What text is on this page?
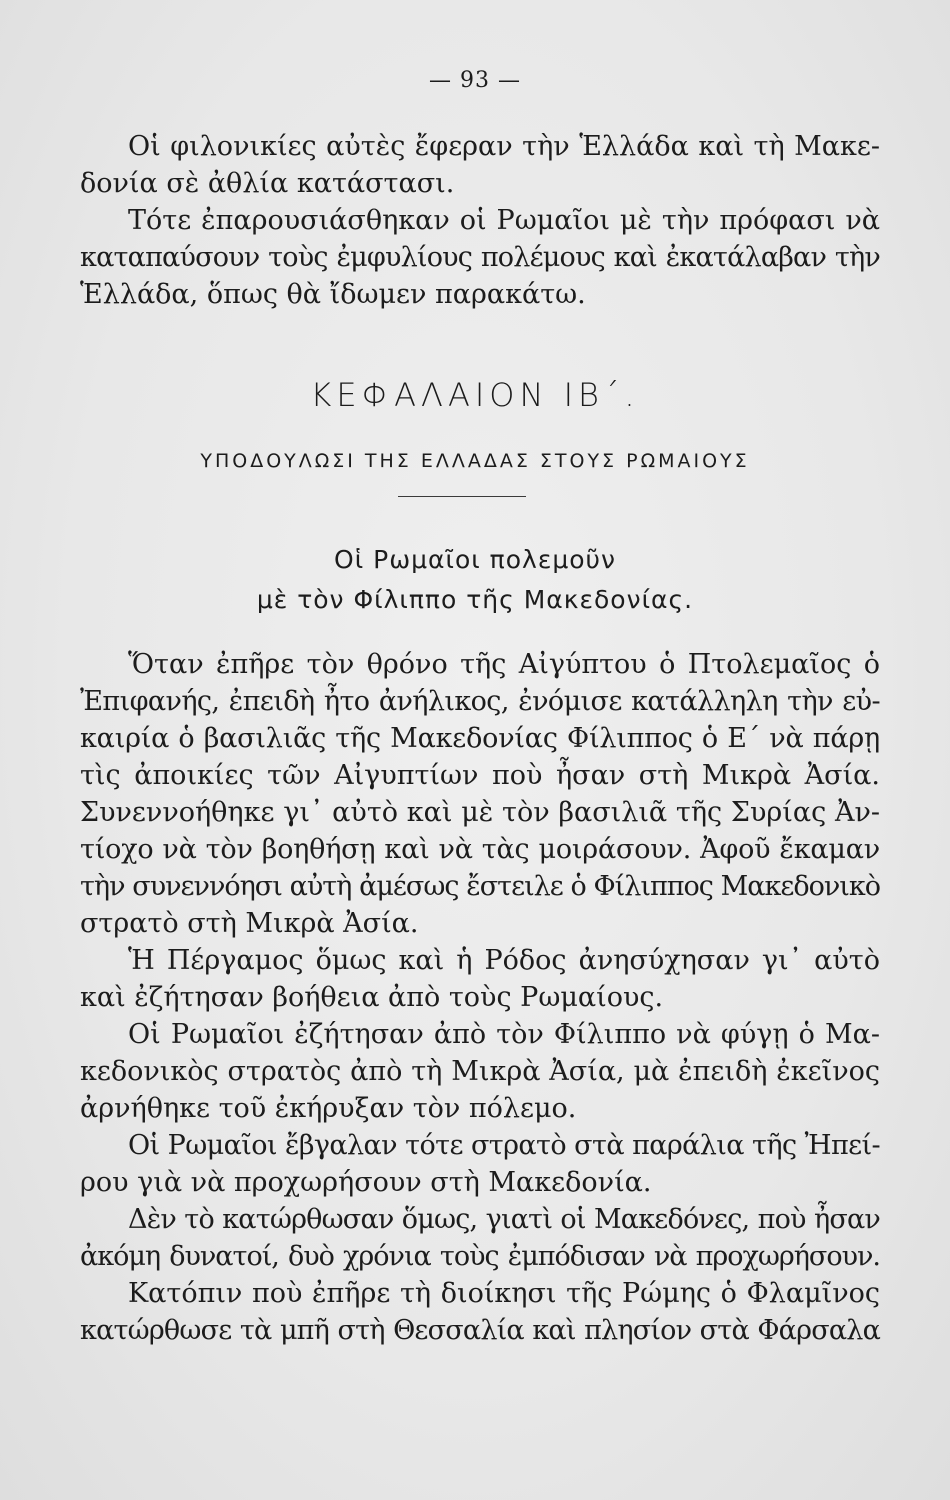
— 93 —
Οἱ φιλονικίες αὐτὲς ἔφεραν τὴν Ἑλλάδα καὶ τὴ Μακε-
δονία σὲ ἀθλία κατάστασι.
Τότε ἐπαρουσιάσθηκαν οἱ Ρωμαῖοι μὲ τὴν πρόφασι νὰ
καταπαύσουν τοὺς ἐμφυλίους πολέμους καὶ ἐκατάλαβαν τὴν
Ἑλλάδα, ὅπως θὰ ἴδωμεν παρακάτω.
ΚΕΦΑΛΑΙΟΝ ΙΒ΄.
ΥΠΟΔΟΥΛΩΣΙ ΤΗΣ ΕΛΛΑΔΑΣ ΣΤΟΥΣ ΡΩΜΑΙΟΥΣ
Οἱ Ρωμαῖοι πολεμοῦν
μὲ τὸν Φίλιππο τῆς Μακεδονίας.
Ὅταν ἐπῆρε τὸν θρόνο τῆς Αἰγύπτου ὁ Πτολεμαῖος ὁ
Ἐπιφανής, ἐπειδὴ ἦτο ἀνήλικος, ἐνόμισε κατάλληλη τὴν εὐ-
καιρία ὁ βασιλιᾶς τῆς Μακεδονίας Φίλιππος ὁ Ε΄ νὰ πάρῃ
τὶς ἀποικίες τῶν Αἰγυπτίων ποὺ ἦσαν στὴ Μικρὰ Ἀσία.
Συνεννοήθηκε γι᾽ αὐτὸ καὶ μὲ τὸν βασιλιᾶ τῆς Συρίας Ἀν-
τίοχο νὰ τὸν βοηθήσῃ καὶ νὰ τὰς μοιράσουν. Ἀφοῦ ἔκαμαν
τὴν συνεννόησι αὐτὴ ἀμέσως ἔστειλε ὁ Φίλιππος Μακεδονικὸ
στρατὸ στὴ Μικρὰ Ἀσία.
Ἡ Πέργαμος ὅμως καὶ ἡ Ρόδος ἀνησύχησαν γι᾽ αὐτὸ
καὶ ἐζήτησαν βοήθεια ἀπὸ τοὺς Ρωμαίους.
Οἱ Ρωμαῖοι ἐζήτησαν ἀπὸ τὸν Φίλιππο νὰ φύγῃ ὁ Μα-
κεδονικὸς στρατὸς ἀπὸ τὴ Μικρὰ Ἀσία, μὰ ἐπειδὴ ἐκεῖνος
ἀρνήθηκε τοῦ ἐκήρυξαν τὸν πόλεμο.
Οἱ Ρωμαῖοι ἔβγαλαν τότε στρατὸ στὰ παράλια τῆς Ἠπεί-
ρου γιὰ νὰ προχωρήσουν στὴ Μακεδονία.
Δὲν τὸ κατώρθωσαν ὅμως, γιατὶ οἱ Μακεδόνες, ποὺ ἦσαν
ἀκόμη δυνατοί, δυὸ χρόνια τοὺς ἐμπόδισαν νὰ προχωρήσουν.
Κατόπιν ποὺ ἐπῆρε τὴ διοίκησι τῆς Ρώμης ὁ Φλαμῖνος
κατώρθωσε τὰ μπῆ στὴ Θεσσαλία καὶ πλησίον στὰ Φάρσαλα
